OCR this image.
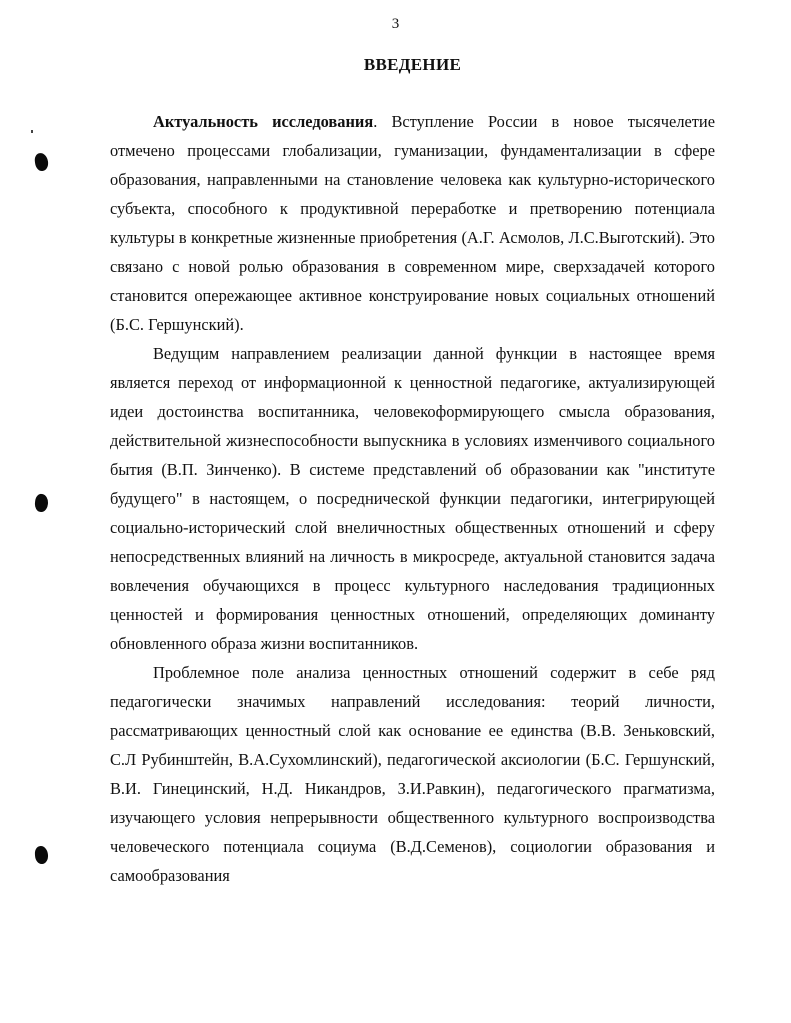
3
ВВЕДЕНИЕ

Актуальность исследования. Вступление России в новое тысячелетие отмечено процессами глобализации, гуманизации, фундаментализации в сфере образования, направленными на становление человека как культурно-исторического субъекта, способного к продуктивной переработке и претворению потенциала культуры в конкретные жизненные приобретения (А.Г. Асмолов, Л.С.Выготский). Это связано с новой ролью образования в современном мире, сверхзадачей которого становится опережающее активное конструирование новых социальных отношений (Б.С. Гершунский).

Ведущим направлением реализации данной функции в настоящее время является переход от информационной к ценностной педагогике, актуализирующей идеи достоинства воспитанника, человекоформирующего смысла образования, действительной жизнеспособности выпускника в условиях изменчивого социального бытия (В.П. Зинченко). В системе представлений об образовании как "институте будущего" в настоящем, о посреднической функции педагогики, интегрирующей социально-исторический слой внеличностных общественных отношений и сферу непосредственных влияний на личность в микросреде, актуальной становится задача вовлечения обучающихся в процесс культурного наследования традиционных ценностей и формирования ценностных отношений, определяющих доминанту обновленного образа жизни воспитанников.

Проблемное поле анализа ценностных отношений содержит в себе ряд педагогически значимых направлений исследования: теорий личности, рассматривающих ценностный слой как основание ее единства (В.В. Зеньковский, С.Л Рубинштейн, В.А.Сухомлинский), педагогической аксиологии (Б.С. Гершунский, В.И. Гинецинский, Н.Д. Никандров, З.И.Равкин), педагогического прагматизма, изучающего условия непрерывности общественного культурного воспроизводства человеческого потенциала социума (В.Д.Семенов), социологии образования и самообразования
